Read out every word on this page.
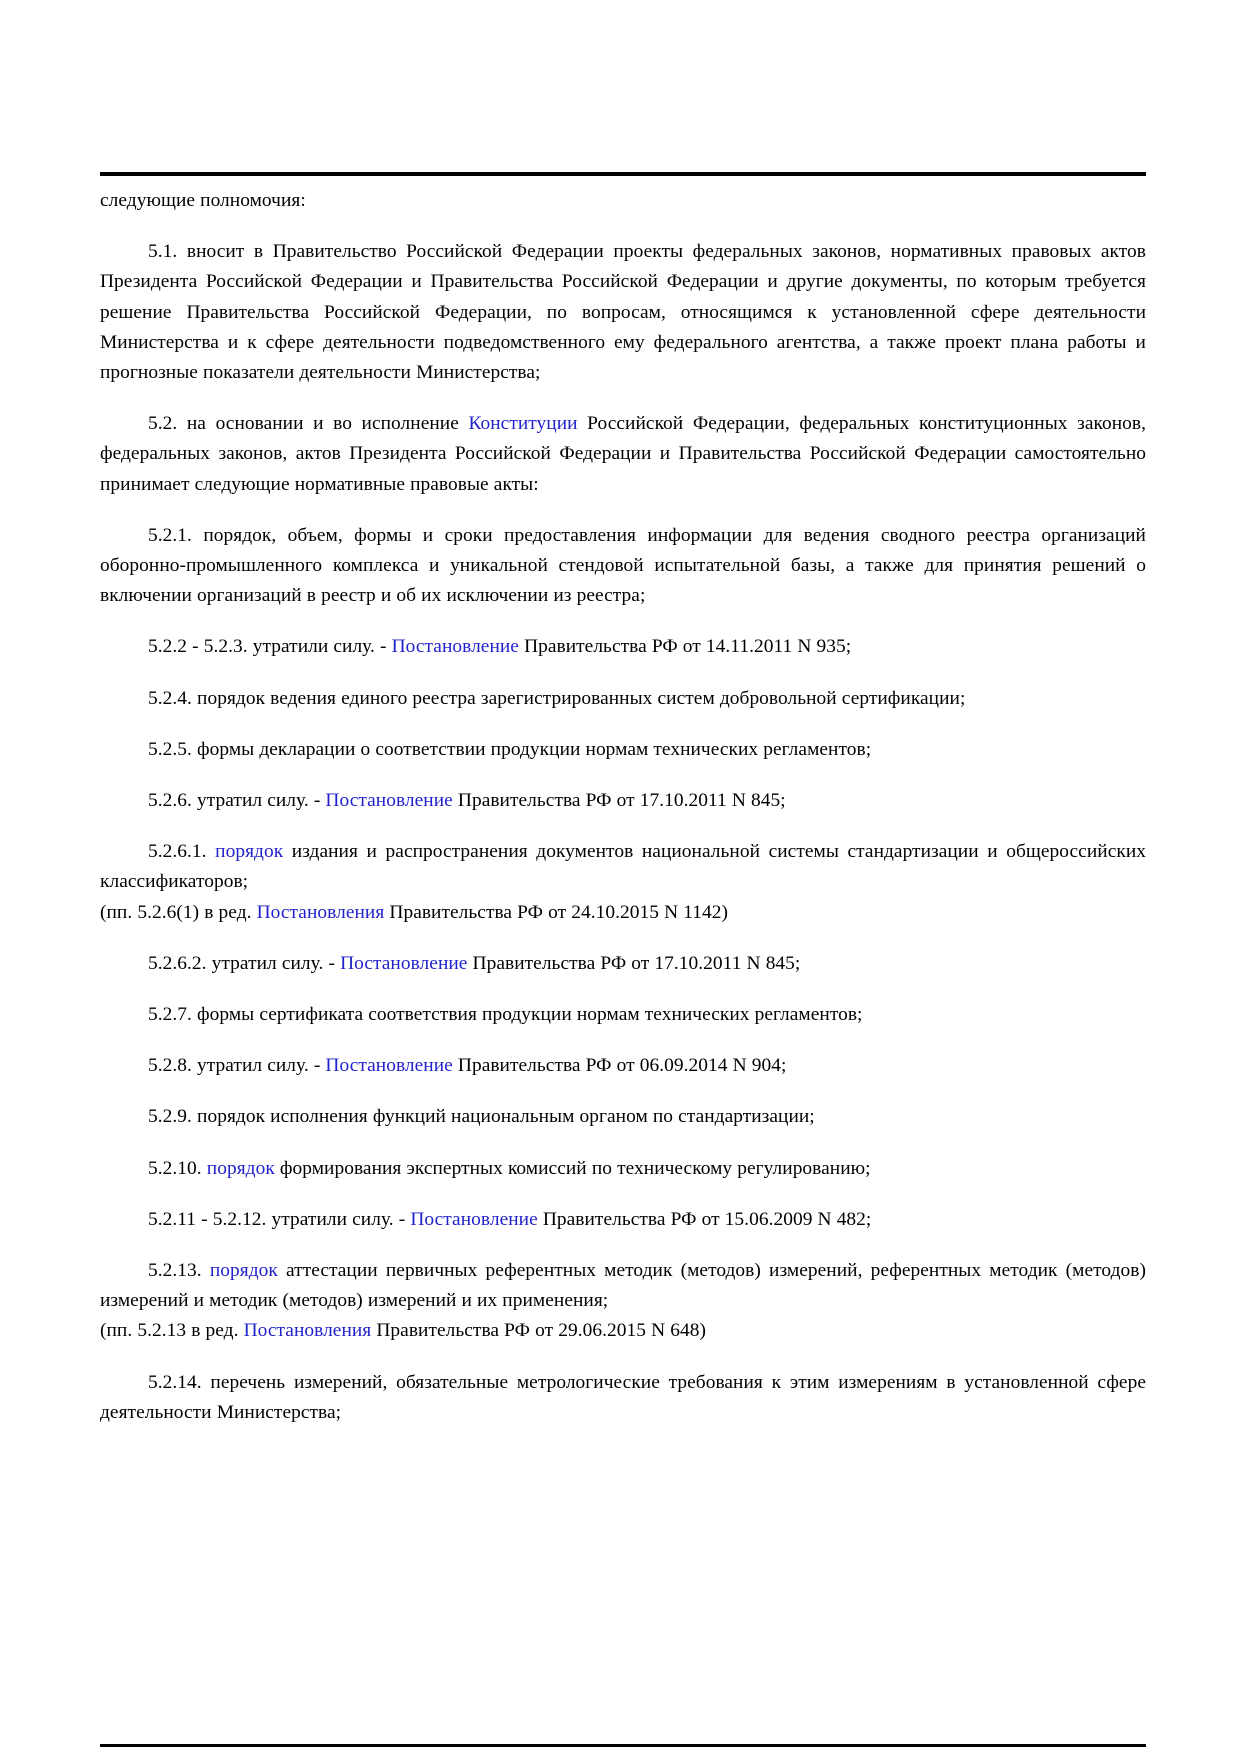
следующие полномочия:

5.1. вносит в Правительство Российской Федерации проекты федеральных законов, нормативных правовых актов Президента Российской Федерации и Правительства Российской Федерации и другие документы, по которым требуется решение Правительства Российской Федерации, по вопросам, относящимся к установленной сфере деятельности Министерства и к сфере деятельности подведомственного ему федерального агентства, а также проект плана работы и прогнозные показатели деятельности Министерства;

5.2. на основании и во исполнение Конституции Российской Федерации, федеральных конституционных законов, федеральных законов, актов Президента Российской Федерации и Правительства Российской Федерации самостоятельно принимает следующие нормативные правовые акты:

5.2.1. порядок, объем, формы и сроки предоставления информации для ведения сводного реестра организаций оборонно-промышленного комплекса и уникальной стендовой испытательной базы, а также для принятия решений о включении организаций в реестр и об их исключении из реестра;

5.2.2 - 5.2.3. утратили силу. - Постановление Правительства РФ от 14.11.2011 N 935;

5.2.4. порядок ведения единого реестра зарегистрированных систем добровольной сертификации;

5.2.5. формы декларации о соответствии продукции нормам технических регламентов;

5.2.6. утратил силу. - Постановление Правительства РФ от 17.10.2011 N 845;

5.2.6.1. порядок издания и распространения документов национальной системы стандартизации и общероссийских классификаторов;

(пп. 5.2.6(1) в ред. Постановления Правительства РФ от 24.10.2015 N 1142)

5.2.6.2. утратил силу. - Постановление Правительства РФ от 17.10.2011 N 845;

5.2.7. формы сертификата соответствия продукции нормам технических регламентов;

5.2.8. утратил силу. - Постановление Правительства РФ от 06.09.2014 N 904;

5.2.9. порядок исполнения функций национальным органом по стандартизации;

5.2.10. порядок формирования экспертных комиссий по техническому регулированию;

5.2.11 - 5.2.12. утратили силу. - Постановление Правительства РФ от 15.06.2009 N 482;

5.2.13. порядок аттестации первичных референтных методик (методов) измерений, референтных методик (методов) измерений и методик (методов) измерений и их применения;

(пп. 5.2.13 в ред. Постановления Правительства РФ от 29.06.2015 N 648)

5.2.14. перечень измерений, обязательные метрологические требования к этим измерениям в установленной сфере деятельности Министерства;
